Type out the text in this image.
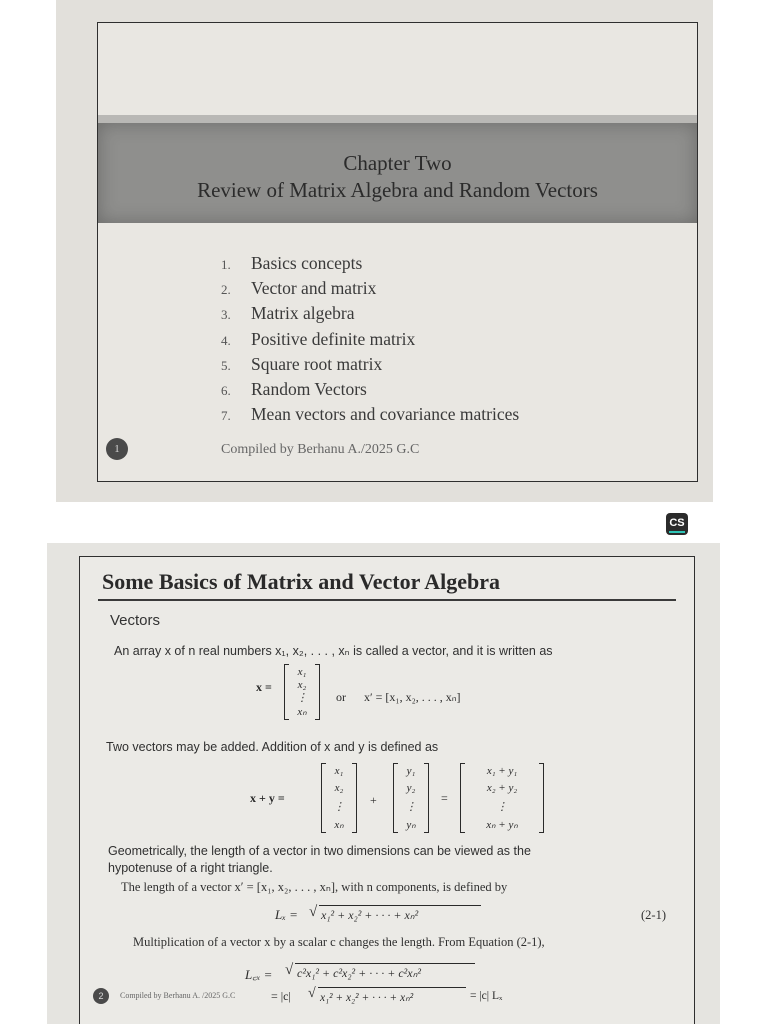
Chapter Two
Review of Matrix Algebra and Random Vectors
1. Basics concepts
2. Vector and matrix
3. Matrix algebra
4. Positive definite matrix
5. Square root matrix
6. Random Vectors
7. Mean vectors and covariance matrices
1	Compiled by Berhanu A./2025 G.C
CS
Some Basics of Matrix and Vector Algebra
Vectors
An array x of n real numbers x₁, x₂, . . . , xₙ is called a vector, and it is written as
x =
x₁
x₂
⋮
xₙ
or x′ = [x₁, x₂, . . . , xₙ]
Two vectors may be added. Addition of x and y is defined as
x + y =
x₁
x₂
⋮
xₙ
+
y₁
y₂
⋮
yₙ
=
x₁ + y₁
x₂ + y₂
⋮
xₙ + yₙ
Geometrically, the length of a vector in two dimensions can be viewed as the
hypotenuse of a right triangle.
The length of a vector x′ = [x₁, x₂, . . . , xₙ], with n components, is defined by
Lₓ = √ x₁² + x₂² + · · · + xₙ²	(2-1)
Multiplication of a vector x by a scalar c changes the length. From Equation (2-1),
L꜀ₓ = √ c²x₁² + c²x₂² + · · · + c²xₙ²
2	Compiled by Berhanu A. /2025 G.C	= |c| √ x₁² + x₂² + · · · + xₙ²	= |c| Lₓ
